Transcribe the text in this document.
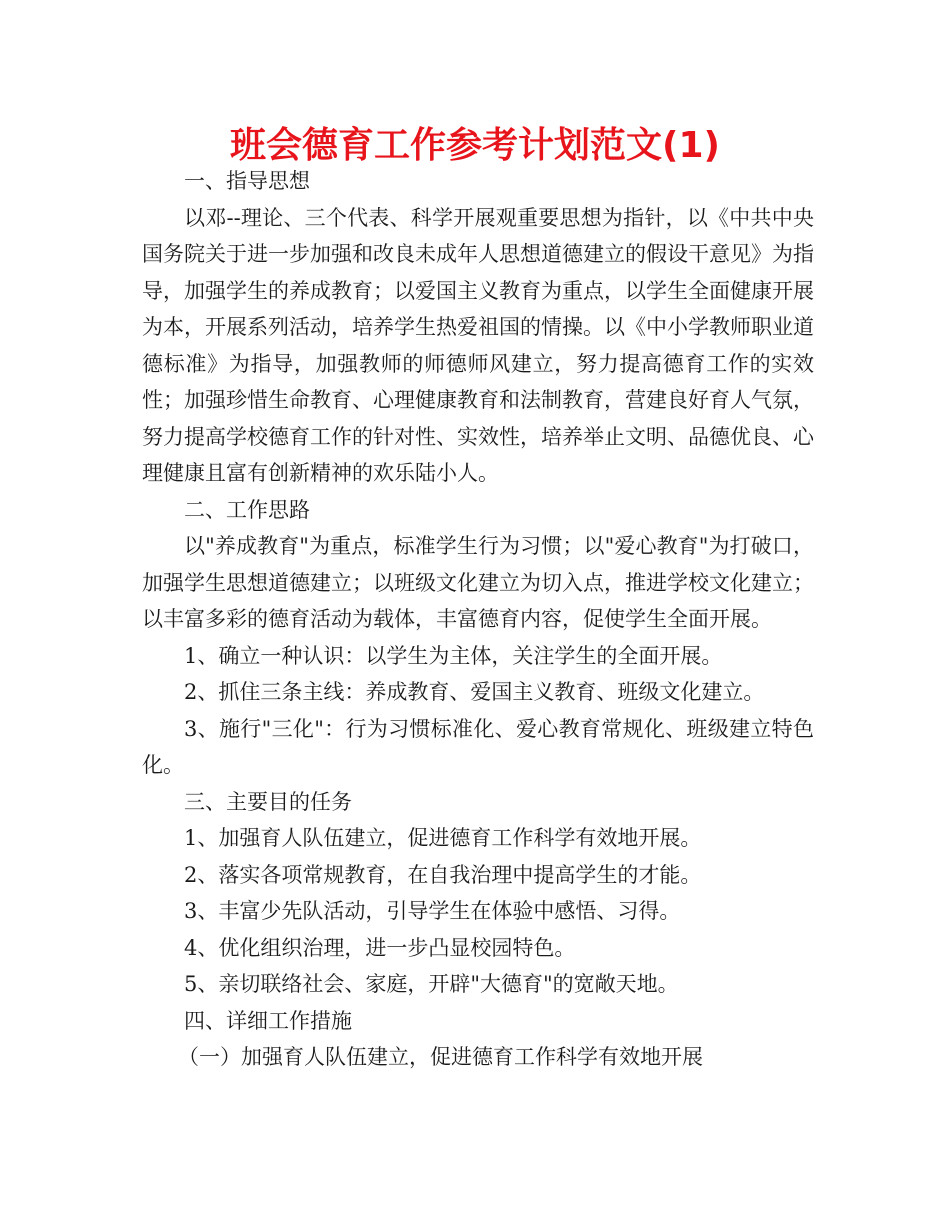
班会德育工作参考计划范文(1)

一、指导思想

以邓--理论、三个代表、科学开展观重要思想为指针，以《中共中央国务院关于进一步加强和改良未成年人思想道德建立的假设干意见》为指导，加强学生的养成教育；以爱国主义教育为重点，以学生全面健康开展为本，开展系列活动，培养学生热爱祖国的情操。以《中小学教师职业道德标准》为指导，加强教师的师德师风建立，努力提高德育工作的实效性；加强珍惜生命教育、心理健康教育和法制教育，营建良好育人气氛，努力提高学校德育工作的针对性、实效性，培养举止文明、品德优良、心理健康且富有创新精神的欢乐陆小人。

二、工作思路

以"养成教育"为重点，标准学生行为习惯；以"爱心教育"为打破口，加强学生思想道德建立；以班级文化建立为切入点，推进学校文化建立；以丰富多彩的德育活动为载体，丰富德育内容，促使学生全面开展。

1、确立一种认识：以学生为主体，关注学生的全面开展。

2、抓住三条主线：养成教育、爱国主义教育、班级文化建立。

3、施行"三化"：行为习惯标准化、爱心教育常规化、班级建立特色化。

三、主要目的任务

1、加强育人队伍建立，促进德育工作科学有效地开展。

2、落实各项常规教育，在自我治理中提高学生的才能。

3、丰富少先队活动，引导学生在体验中感悟、习得。

4、优化组织治理，进一步凸显校园特色。

5、亲切联络社会、家庭，开辟"大德育"的宽敞天地。

四、详细工作措施

（一）加强育人队伍建立，促进德育工作科学有效地开展
